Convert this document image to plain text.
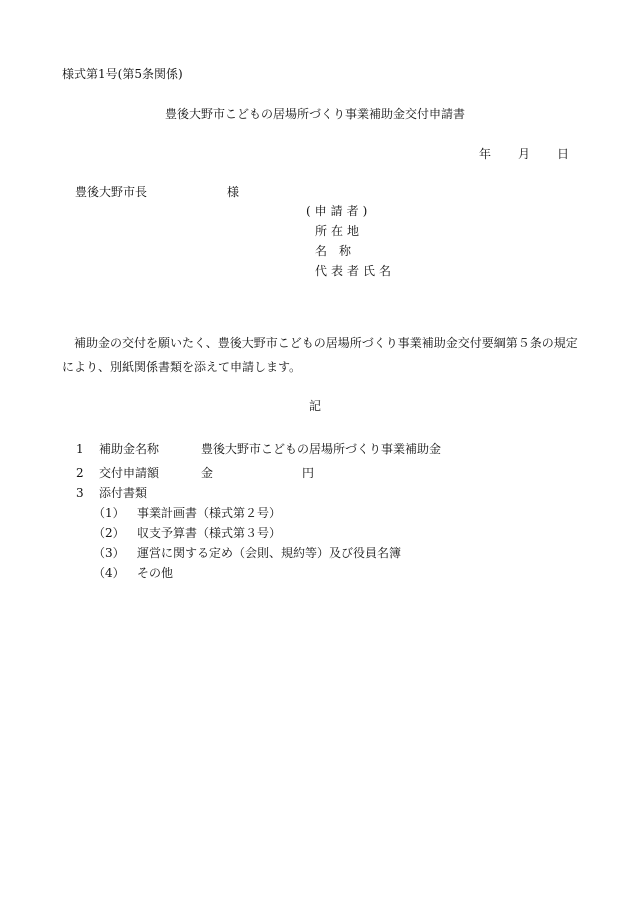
様式第1号(第5条関係)
豊後大野市こどもの居場所づくり事業補助金交付申請書
年 月 日
豊後大野市長	様
(申請者)
所在地
名　称
代表者氏名
補助金の交付を願いたく、豊後大野市こどもの居場所づくり事業補助金交付要綱第５条の規定により、別紙関係書類を添えて申請します。
記
1 補助金名称	豊後大野市こどもの居場所づくり事業補助金
2 交付申請額	金	円
3 添付書類
（1） 事業計画書（様式第２号）
（2） 収支予算書（様式第３号）
（3） 運営に関する定め（会則、規約等）及び役員名簿
（4） その他
